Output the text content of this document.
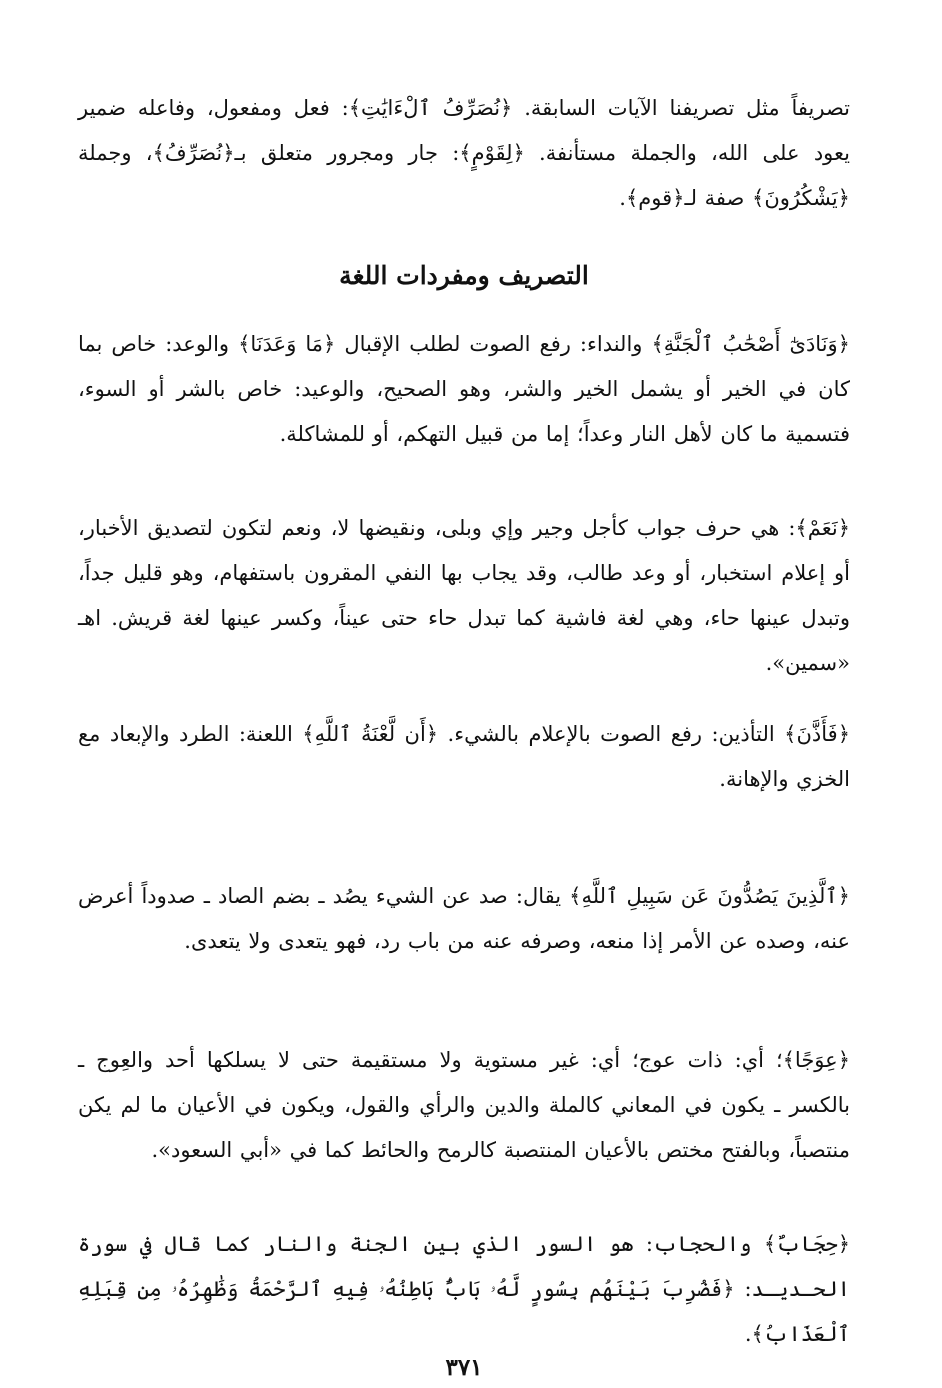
تصريفاً مثل تصريفنا الآيات السابقة. ﴿نُصَرِّفُ ٱلْءَايَٰتِ﴾: فعل ومفعول، وفاعله ضمير يعود على الله، والجملة مستأنفة. ﴿لِقَوْمٍ﴾: جار ومجرور متعلق بـ﴿نُصَرِّفُ﴾، وجملة ﴿يَشْكُرُونَ﴾ صفة لـ﴿قوم﴾.

التصريف ومفردات اللغة

﴿وَنَادَىٰٓ أَصْحَٰبُ ٱلْجَنَّةِ﴾ والنداء: رفع الصوت لطلب الإقبال ﴿مَا وَعَدَنَا﴾ والوعد: خاص بما كان في الخير أو يشمل الخير والشر، وهو الصحيح، والوعيد: خاص بالشر أو السوء، فتسمية ما كان لأهل النار وعداً؛ إما من قبيل التهكم، أو للمشاكلة.

﴿نَعَمْ﴾: هي حرف جواب كأجل وجير وإي وبلى، ونقيضها لا، ونعم لتكون لتصديق الأخبار، أو إعلام استخبار، أو وعد طالب، وقد يجاب بها النفي المقرون باستفهام، وهو قليل جداً، وتبدل عينها حاء، وهي لغة فاشية كما تبدل حاء حتى عيناً، وكسر عينها لغة قريش. اهـ «سمين».

﴿فَأَذَّنَ﴾ التأذين: رفع الصوت بالإعلام بالشيء. ﴿أَن لَّعْنَةُ ٱللَّهِ﴾ اللعنة: الطرد والإبعاد مع الخزي والإهانة.

﴿ٱلَّذِينَ يَصُدُّونَ عَن سَبِيلِ ٱللَّهِ﴾ يقال: صد عن الشيء يصُد ـ بضم الصاد ـ صدوداً أعرض عنه، وصده عن الأمر إذا منعه، وصرفه عنه من باب رد، فهو يتعدى ولا يتعدى.

﴿عِوَجًا﴾؛ أي: ذات عوج؛ أي: غير مستوية ولا مستقيمة حتى لا يسلكها أحد والعِوج ـ بالكسر ـ يكون في المعاني كالملة والدين والرأي والقول، ويكون في الأعيان ما لم يكن منتصباً، وبالفتح مختص بالأعيان المنتصبة كالرمح والحائط كما في «أبي السعود».

﴿حِجَابٌ﴾ والحجاب: هو السور الذي بين الجنة والنار كما قال في سورة الحـديـد: ﴿فَضُرِبَ بَيْنَهُم بِسُورٍ لَّهُۥ بَابٌۢ بَاطِنُهُۥ فِيهِ ٱلرَّحْمَةُ وَظَٰهِرُهُۥ مِن قِبَلِهِ ٱلْعَذَابُ﴾.

٣٧١
